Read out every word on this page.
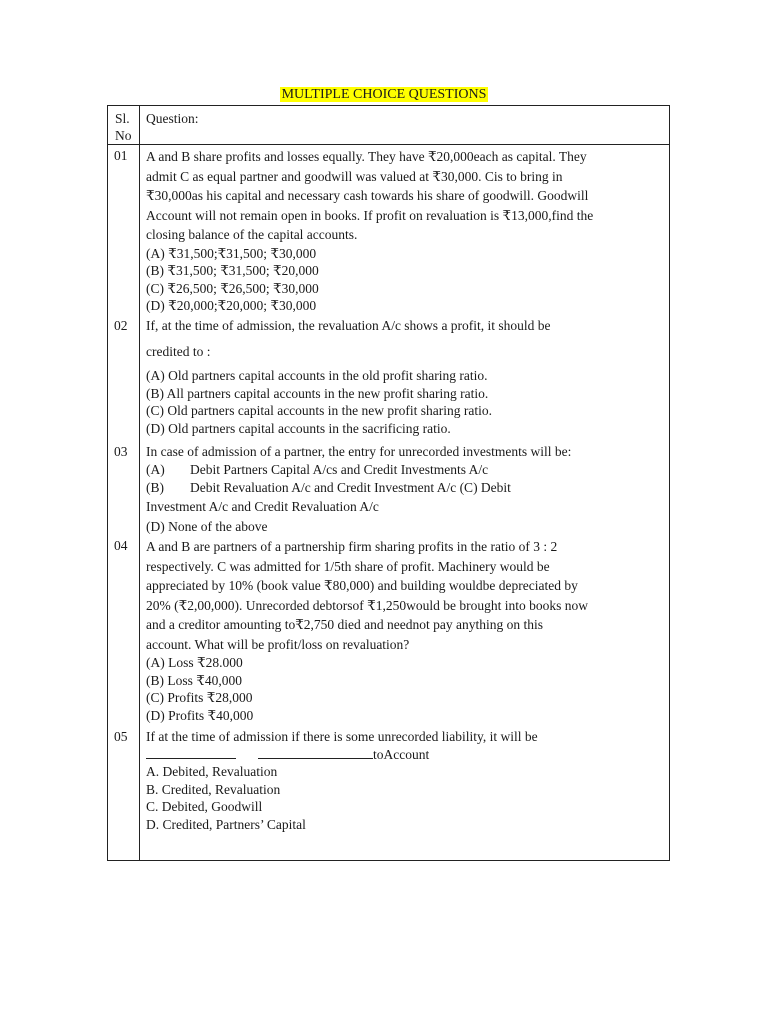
MULTIPLE CHOICE QUESTIONS
Sl. No
Question:
01 A and B share profits and losses equally. They have ₹20,000each as capital. They
admit C as equal partner and goodwill was valued at ₹30,000. Cis to bring in
₹30,000as his capital and necessary cash towards his share of goodwill. Goodwill
Account will not remain open in books. If profit on revaluation is ₹13,000,find the
closing balance of the capital accounts.
(A) ₹31,500;₹31,500; ₹30,000
(B) ₹31,500; ₹31,500; ₹20,000
(C) ₹26,500; ₹26,500; ₹30,000
(D) ₹20,000;₹20,000; ₹30,000
02 If, at the time of admission, the revaluation A/c shows a profit, it should be
credited to :
(A) Old partners capital accounts in the old profit sharing ratio.
(B) All partners capital accounts in the new profit sharing ratio.
(C) Old partners capital accounts in the new profit sharing ratio.
(D) Old partners capital accounts in the sacrificing ratio.
03 In case of admission of a partner, the entry for unrecorded investments will be:
(A) Debit Partners Capital A/cs and Credit Investments A/c
(B) Debit Revaluation A/c and Credit Investment A/c (C) Debit
Investment A/c and Credit Revaluation A/c
(D) None of the above
04 A and B are partners of a partnership firm sharing profits in the ratio of 3 : 2
respectively. C was admitted for 1/5th share of profit. Machinery would be
appreciated by 10% (book value ₹80,000) and building wouldbe depreciated by
20% (₹2,00,000). Unrecorded debtorsof ₹1,250would be brought into books now
and a creditor amounting to₹2,750 died and neednot pay anything on this
account. What will be profit/loss on revaluation?
(A) Loss ₹28.000
(B) Loss ₹40,000
(C) Profits ₹28,000
(D) Profits ₹40,000
05 If at the time of admission if there is some unrecorded liability, it will be
toAccount
A. Debited, Revaluation
B. Credited, Revaluation
C. Debited, Goodwill
D. Credited, Partners’ Capital
